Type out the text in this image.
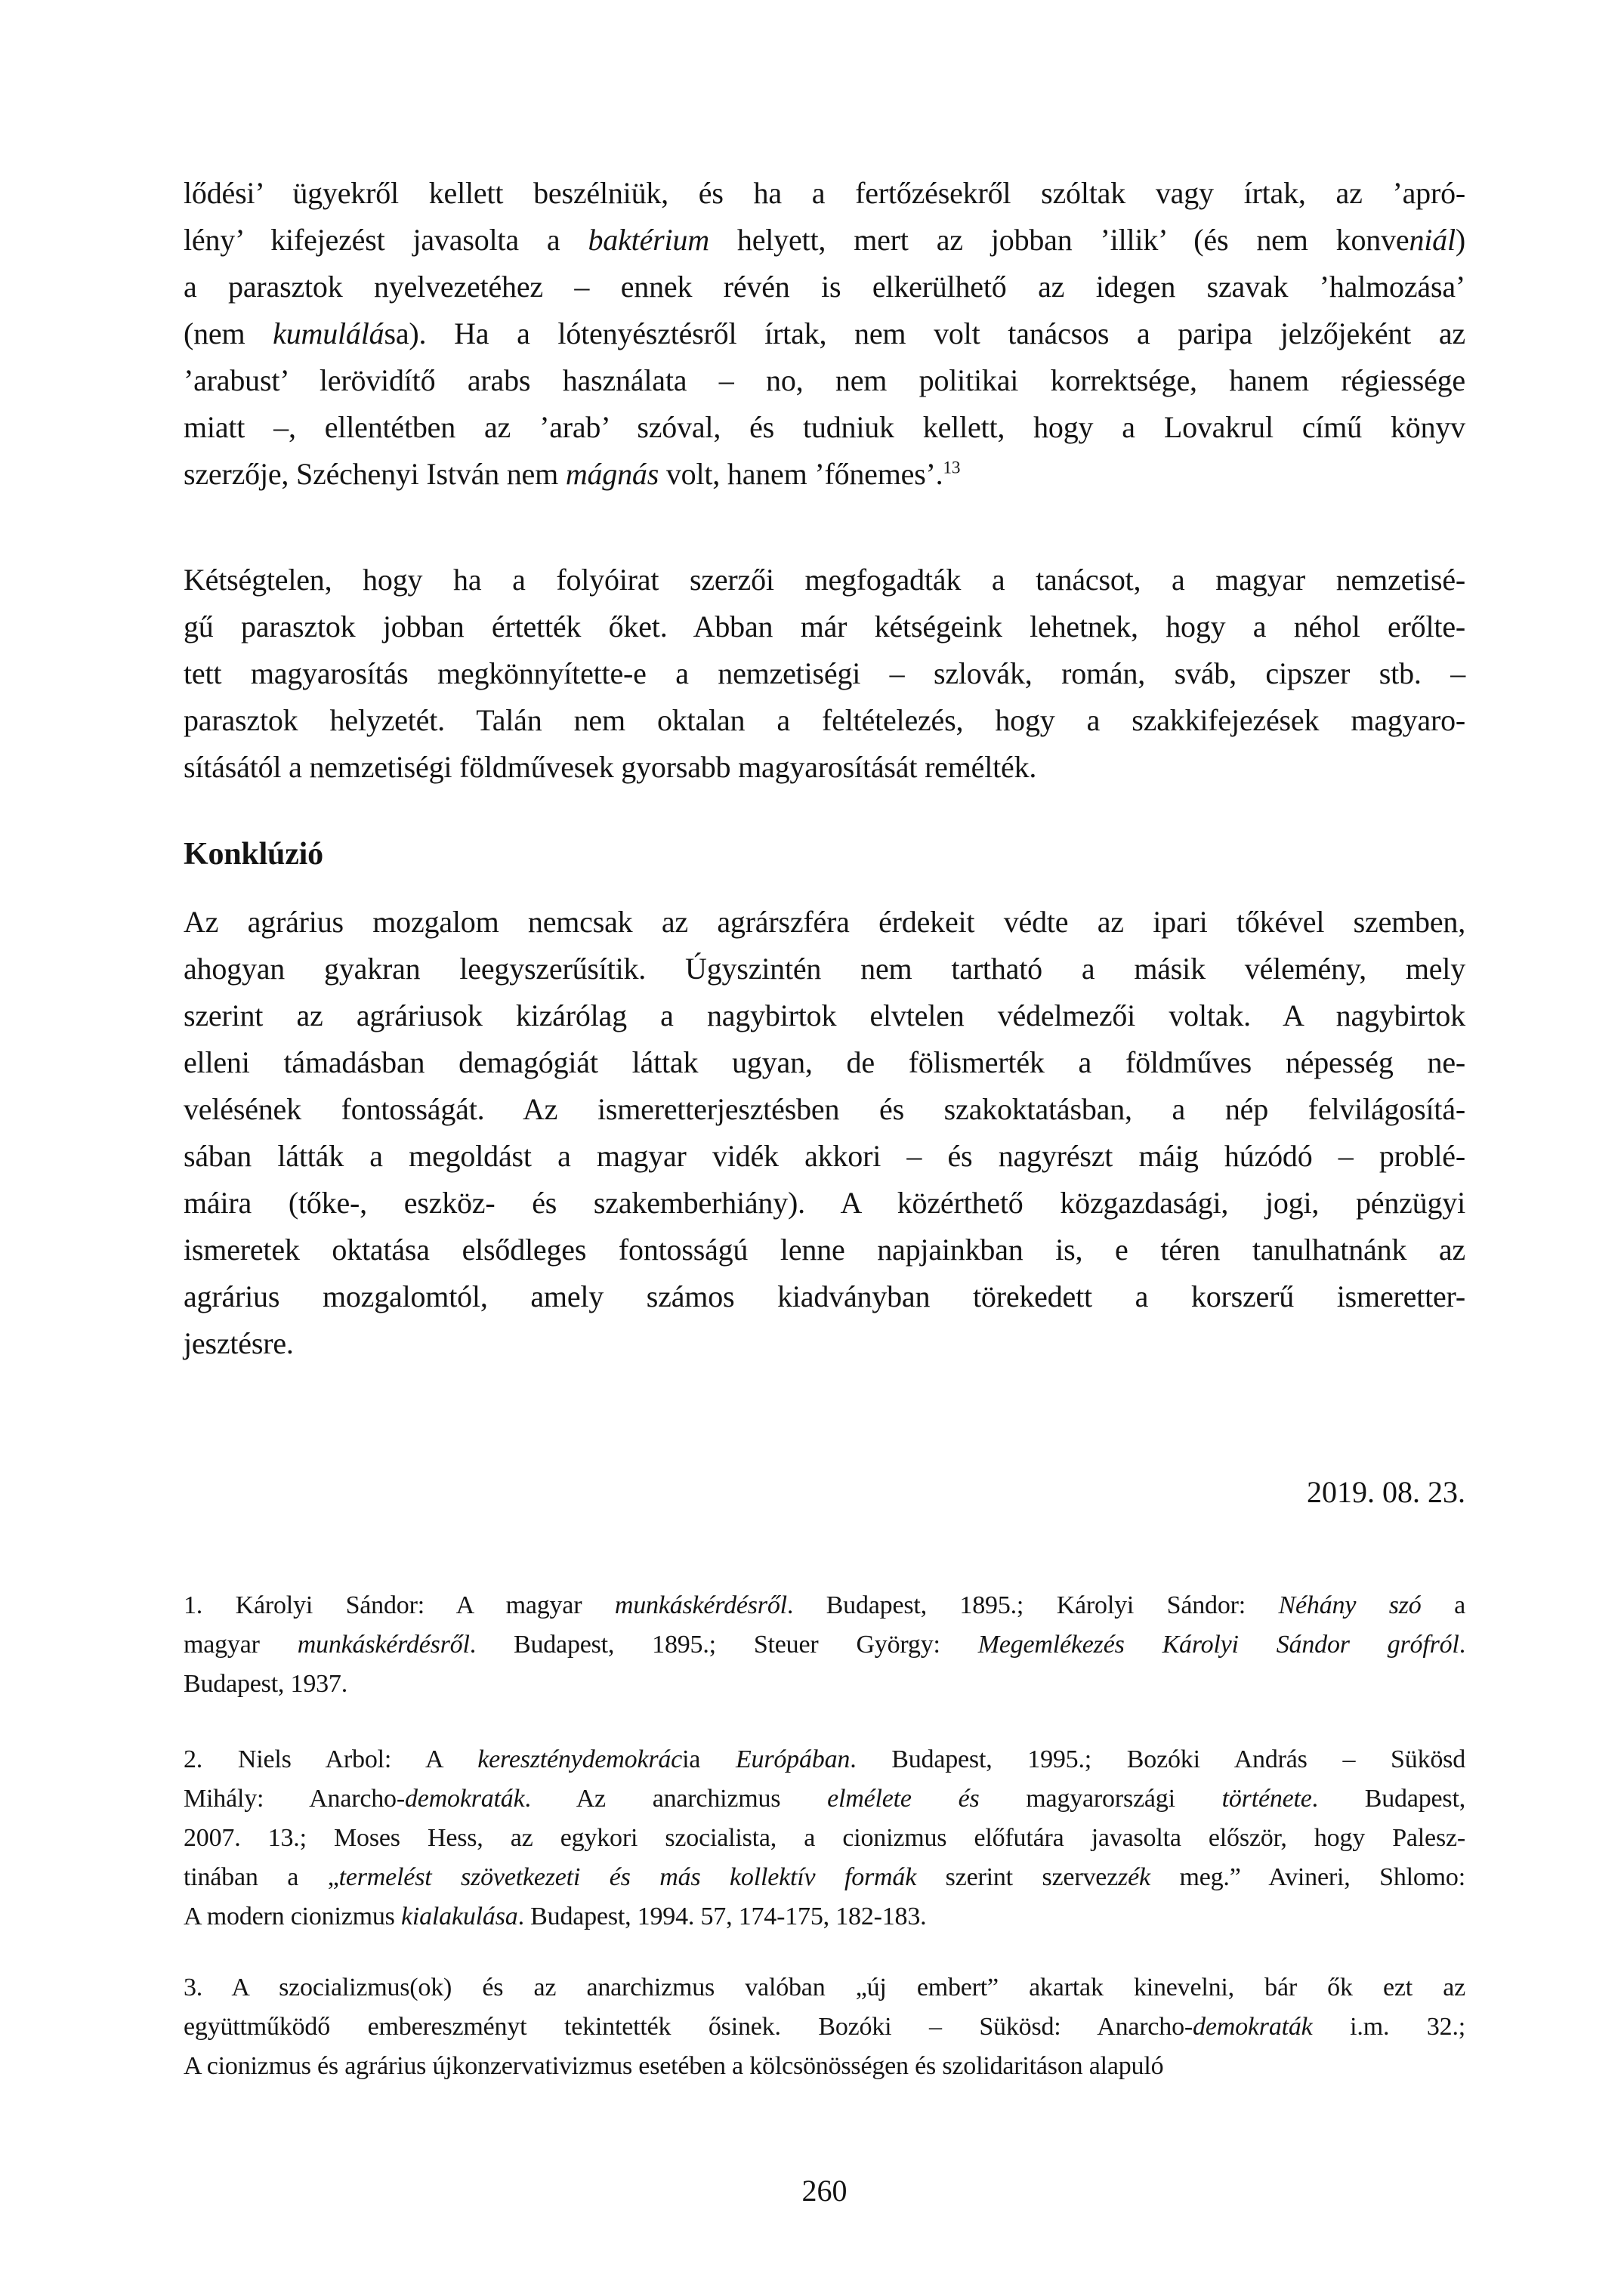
lődési’ ügyekről kellett beszélniük, és ha a fertőzésekről szóltak vagy írtak, az ’apró-
lény’ kifejezést javasolta a baktérium helyett, mert az jobban ’illik’ (és nem konveniál)
a parasztok nyelvezetéhez – ennek révén is elkerülhető az idegen szavak ’halmozása’
(nem kumulálása). Ha a lótenyésztésről írtak, nem volt tanácsos a paripa jelzőjeként az
’arabust’ lerövidítő arabs használata – no, nem politikai korrektsége, hanem régiessége
miatt –, ellentétben az ’arab’ szóval, és tudniuk kellett, hogy a Lovakrul című könyv
szerzője, Széchenyi István nem mágnás volt, hanem ’főnemes’.$^{13}$
Kétségtelen, hogy ha a folyóirat szerzői megfogadták a tanácsot, a magyar nemzetisé-
gű parasztok jobban értették őket. Abban már kétségeink lehetnek, hogy a néhol erőlte-
tett magyarosítás megkönnyítette-e a nemzetiségi – szlovák, román, sváb, cipszer stb. –
parasztok helyzetét. Talán nem oktalan a feltételezés, hogy a szakkifejezések magyaro-
sításától a nemzetiségi földművesek gyorsabb magyarosítását remélték.
Konklúzió
Az agrárius mozgalom nemcsak az agrárszféra érdekeit védte az ipari tőkével szemben,
ahogyan gyakran leegyszerűsítik. Úgyszintén nem tartható a másik vélemény, mely
szerint az agráriusok kizárólag a nagybirtok elvtelen védelmezői voltak. A nagybirtok
elleni támadásban demagógiát láttak ugyan, de fölismerték a földműves népesség ne-
velésének fontosságát. Az ismeretterjesztésben és szakoktatásban, a nép felvilágosítá-
sában látták a megoldást a magyar vidék akkori – és nagyrészt máig húzódó – problé-
máira (tőke-, eszköz- és szakemberhiány). A közérthető közgazdasági, jogi, pénzügyi
ismeretek oktatása elsődleges fontosságú lenne napjainkban is, e téren tanulhatnánk az
agrárius mozgalomtól, amely számos kiadványban törekedett a korszerű ismeretter-
jesztésre.
2019. 08. 23.
1. Károlyi Sándor: A magyar munkáskérdésről. Budapest, 1895.; Károlyi Sándor: Néhány szó a
magyar munkáskérdésről. Budapest, 1895.; Steuer György: Megemlékezés Károlyi Sándor grófról.
Budapest, 1937.
2. Niels Arbol: A kereszténydemokrácia Európában. Budapest, 1995.; Bozóki András – Sükösd
Mihály: Anarcho-demokraták. Az anarchizmus elmélete és magyarországi története. Budapest,
2007. 13.; Moses Hess, az egykori szocialista, a cionizmus előfutára javasolta először, hogy Palesz-
tinában a „termelést szövetkezeti és más kollektív formák szerint szervezzék meg.” Avineri, Shlomo:
A modern cionizmus kialakulása. Budapest, 1994. 57, 174-175, 182-183.
3. A szocializmus(ok) és az anarchizmus valóban „új embert” akartak kinevelni, bár ők ezt az
együttműködő embereszményt tekintették ősinek. Bozóki – Sükösd: Anarcho-demokraták i.m. 32.;
A cionizmus és agrárius újkonzervativizmus esetében a kölcsönösségen és szolidaritáson alapuló
260
